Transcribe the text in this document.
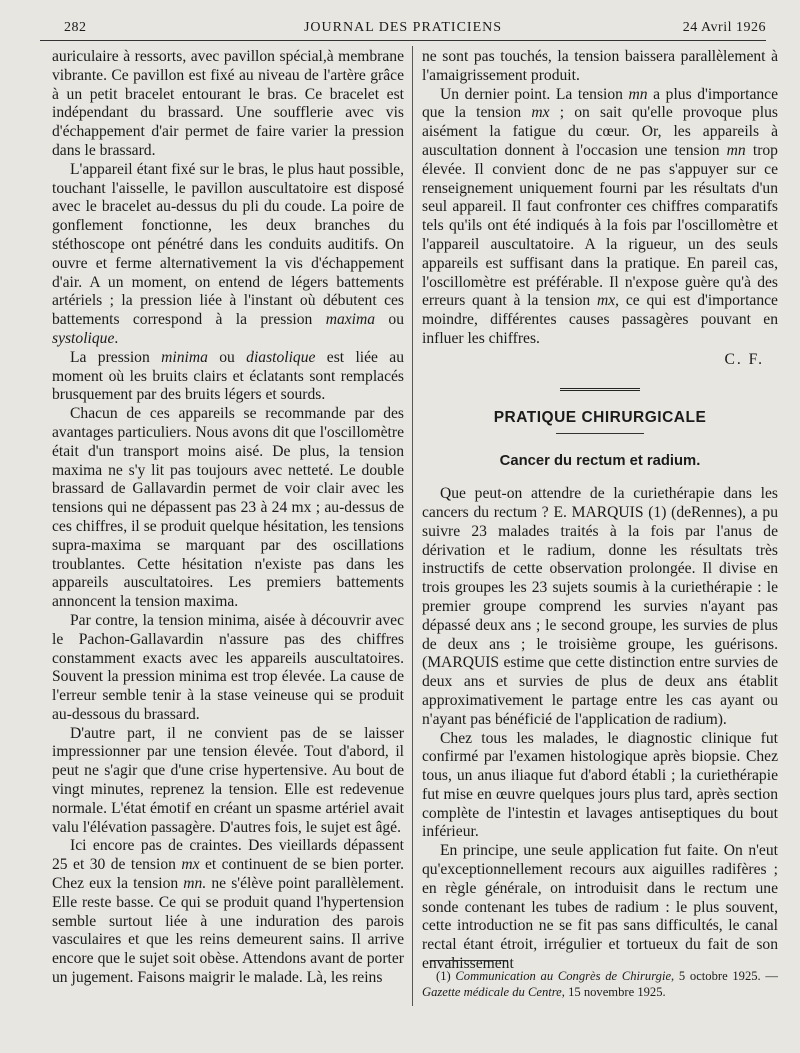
282	JOURNAL DES PRATICIENS	24 Avril 1926

auriculaire à ressorts, avec pavillon spécial,à membrane vibrante. Ce pavillon est fixé au niveau de l'artère grâce à un petit bracelet entourant le bras. Ce bracelet est indépendant du brassard. Une soufflerie avec vis d'échappement d'air permet de faire varier la pression dans le brassard.

L'appareil étant fixé sur le bras, le plus haut possible, touchant l'aisselle, le pavillon auscultatoire est disposé avec le bracelet au-dessus du pli du coude. La poire de gonflement fonctionne, les deux branches du stéthoscope ont pénétré dans les conduits auditifs. On ouvre et ferme alternativement la vis d'échappement d'air. A un moment, on entend de légers battements artériels ; la pression liée à l'instant où débutent ces battements correspond à la pression maxima ou systolique.

La pression minima ou diastolique est liée au moment où les bruits clairs et éclatants sont remplacés brusquement par des bruits légers et sourds.

Chacun de ces appareils se recommande par des avantages particuliers. Nous avons dit que l'oscillomètre était d'un transport moins aisé. De plus, la tension maxima ne s'y lit pas toujours avec netteté. Le double brassard de Gallavardin permet de voir clair avec les tensions qui ne dépassent pas 23 à 24 mx ; au-dessus de ces chiffres, il se produit quelque hésitation, les tensions supra-maxima se marquant par des oscillations troublantes. Cette hésitation n'existe pas dans les appareils auscultatoires. Les premiers battements annoncent la tension maxima.

Par contre, la tension minima, aisée à découvrir avec le Pachon-Gallavardin n'assure pas des chiffres constamment exacts avec les appareils auscultatoires. Souvent la pression minima est trop élevée. La cause de l'erreur semble tenir à la stase veineuse qui se produit au-dessous du brassard.

D'autre part, il ne convient pas de se laisser impressionner par une tension élevée. Tout d'abord, il peut ne s'agir que d'une crise hypertensive. Au bout de vingt minutes, reprenez la tension. Elle est redevenue normale. L'état émotif en créant un spasme artériel avait valu l'élévation passagère. D'autres fois, le sujet est âgé.

Ici encore pas de craintes. Des vieillards dépassent 25 et 30 de tension mx et continuent de se bien porter. Chez eux la tension mn. ne s'élève point parallèlement. Elle reste basse. Ce qui se produit quand l'hypertension semble surtout liée à une induration des parois vasculaires et que les reins demeurent sains. Il arrive encore que le sujet soit obèse. Attendons avant de porter un jugement. Faisons maigrir le malade. Là, les reins

ne sont pas touchés, la tension baissera parallèlement à l'amaigrissement produit.

Un dernier point. La tension mn a plus d'importance que la tension mx ; on sait qu'elle provoque plus aisément la fatigue du cœur. Or, les appareils à auscultation donnent à l'occasion une tension mn trop élevée. Il convient donc de ne pas s'appuyer sur ce renseignement uniquement fourni par les résultats d'un seul appareil. Il faut confronter ces chiffres comparatifs tels qu'ils ont été indiqués à la fois par l'oscillomètre et l'appareil auscultatoire. A la rigueur, un des seuls appareils est suffisant dans la pratique. En pareil cas, l'oscillomètre est préférable. Il n'expose guère qu'à des erreurs quant à la tension mx, ce qui est d'importance moindre, différentes causes passagères pouvant en influer les chiffres.

C. F.
PRATIQUE CHIRURGICALE
Cancer du rectum et radium.

Que peut-on attendre de la curiethérapie dans les cancers du rectum ? E. MARQUIS (1) (deRennes), a pu suivre 23 malades traités à la fois par l'anus de dérivation et le radium, donne les résultats très instructifs de cette observation prolongée. Il divise en trois groupes les 23 sujets soumis à la curiethérapie : le premier groupe comprend les survies n'ayant pas dépassé deux ans ; le second groupe, les survies de plus de deux ans ; le troisième groupe, les guérisons. (MARQUIS estime que cette distinction entre survies de deux ans et survies de plus de deux ans établit approximativement le partage entre les cas ayant ou n'ayant pas bénéficié de l'application de radium).

Chez tous les malades, le diagnostic clinique fut confirmé par l'examen histologique après biopsie. Chez tous, un anus iliaque fut d'abord établi ; la curiethérapie fut mise en œuvre quelques jours plus tard, après section complète de l'intestin et lavages antiseptiques du bout inférieur.

En principe, une seule application fut faite. On n'eut qu'exceptionnellement recours aux aiguilles radifères ; en règle générale, on introduisit dans le rectum une sonde contenant les tubes de radium : le plus souvent, cette introduction ne se fit pas sans difficultés, le canal rectal étant étroit, irrégulier et tortueux du fait de son envahissement

(1) Communication au Congrès de Chirurgie, 5 octobre 1925. — Gazette médicale du Centre, 15 novembre 1925.
